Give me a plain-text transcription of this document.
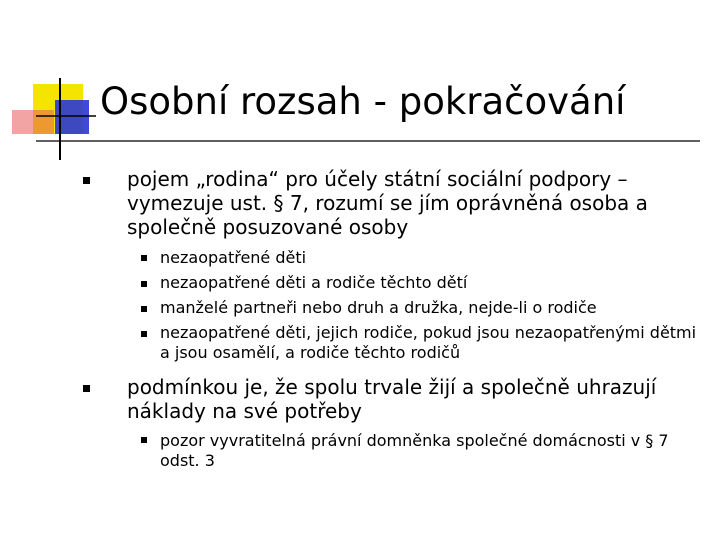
Osobní rozsah - pokračování
pojem „rodina“ pro účely státní sociální podpory – vymezuje ust. § 7, rozumí se jím oprávněná osoba a společně posuzované osoby
nezaopatřené děti
nezaopatřené děti a rodiče těchto dětí
manželé partneři nebo druh a družka, nejde-li o rodiče
nezaopatřené děti, jejich rodiče, pokud jsou nezaopatřenými dětmi a jsou osamělí, a rodiče těchto rodičů
podmínkou je, že spolu trvale žijí a společně uhrazují náklady na své potřeby
pozor vyvratitelná právní domněnka společné domácnosti v § 7 odst. 3
